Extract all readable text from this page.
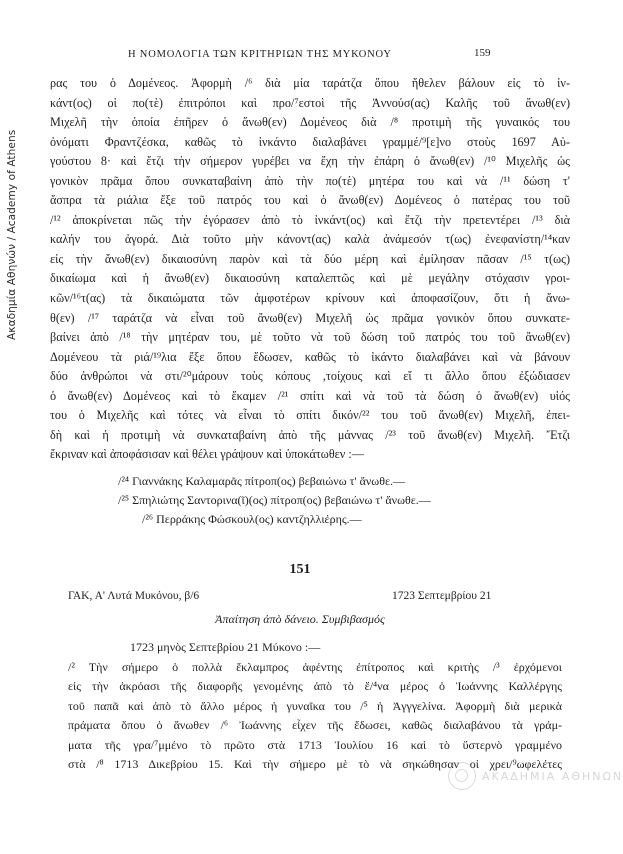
Ακαδημία Αθηνών / Academy of Athens
Η ΝΟΜΟΛΟΓΙΑ ΤΩΝ ΚΡΙΤΗΡΙΩΝ ΤΗΣ ΜΥΚΟΝΟΥ	159
ρας του ὁ Δομένεος. Ἀφορμὴ /⁶ διὰ μία ταράτζα ὅπου ἤθελεν βάλουν εἰς τὸ ἰν-
κάντ(ος) οἱ πο(τὲ) ἐπιτρόποι καὶ προ/⁷εστοὶ τῆς Ἀννούσ(ας) Καλῆς τοῦ ἄνωθ(εν)
Μιχελῆ τὴν ὁποία ἐπῆρεν ὁ ἄνωθ(εν) Δομένεος διὰ /⁸ προτιμὴ τῆς γυναικός του
ὀνόματι Φραντζέσκα, καθῶς τὸ ἰνκάντο διαλαβάνει γραμμέ/⁹[ε]νο στοὺς 1697 Αὐ-
γούστου 8· καὶ ἔτζι τὴν σήμερον γυρέβει να ἔχη τὴν ἐπάρη ὁ ἄνωθ(εν) /¹⁰ Μιχελῆς ὡς
γονικὸν πρᾶμα ὅπου συνκαταβαίνη ἀπὸ τὴν πο(τὲ) μητέρα του καὶ νὰ /¹¹ δώση τ'
ἄσπρα τὰ ριάλια ἔξε τοῦ πατρός του καὶ ὁ ἄνωθ(εν) Δομένεος ὁ πατέρας του τοῦ
/¹² ἀποκρίνεται πῶς τὴν ἐγόρασεν ἀπὸ τὸ ἰνκάντ(ος) καὶ ἔτζι τὴν πρετεντέρει /¹³ διὰ
καλήν του ἀγορά. Διὰ τοῦτο μὴν κάνοντ(ας) καλὰ ἀνάμεσόν τ(ως) ἐνεφανίστη/¹⁴καν
εἰς τὴν ἄνωθ(εν) δικαιοσύνη παρὸν καὶ τὰ δύο μέρη καὶ ἐμίλησαν πᾶσαν /¹⁵ τ(ως)
δικαίωμα καὶ ἡ ἄνωθ(εν) δικαιοσύνη καταλεπτῶς καὶ μὲ μεγάλην στόχασιν γροι-
κῶν/¹⁶τ(ας) τὰ δικαιώματα τῶν ἀμφοτέρων κρίνουν καὶ ἀποφασίζουν, ὅτι ἡ ἄνω-
θ(εν) /¹⁷ ταράτζα νὰ εἶναι τοῦ ἄνωθ(εν) Μιχελῆ ὡς πρᾶμα γονικὸν ὅπου συνκατε-
βαίνει ἀπὸ /¹⁸ τὴν μητέραν του, μὲ τοῦτο νὰ τοῦ δώση τοῦ πατρός του τοῦ ἄνωθ(εν)
Δομένεου τὰ ριά/¹⁹λια ἔξε ὅπου ἔδωσεν, καθῶς τὸ ἰκάντο διαλαβάνει καὶ νὰ βάνουν
δύο ἀνθρώποι νὰ στι/²⁰μάρουν τοὺς κόπους ,τοίχους καὶ εἴ τι ἄλλο ὅπου ἐξώδιασεν
ὁ ἄνωθ(εν) Δομένεος καὶ τὸ ἔκαμεν /²¹ σπίτι καὶ νὰ τοῦ τὰ δώση ὁ ἄνωθ(εν) υἱός
του ὁ Μιχελῆς καὶ τότες νὰ εἶναι τὸ σπίτι δικόν/²² του τοῦ ἄνωθ(εν) Μιχελῆ, ἐπει-
δὴ καὶ ἡ προτιμὴ νὰ συνκαταβαίνη ἀπὸ τῆς μάννας /²³ τοῦ ἄνωθ(εν) Μιχελῆ. Ἔτζι
ἔκριναν καὶ ἀποφάσισαν καὶ θέλει γράψουν καὶ ὑποκάτωθεν :—
/²⁴ Γιαννάκης Καλαμαρᾶς πίτροπ(ος) βεβαιώνω τ' ἄνωθε.—
/²⁵ Σπηλιώτης Σαντορινα(ῖ)(ος) πίτροπ(ος) βεβαιώνω τ' ἄνωθε.—
/²⁶ Περράκης Φώσκουλ(ος) καντζηλλιέρης.—
151
ΓΑΚ, Α' Λυτά Μυκόνου, β/6	1723 Σεπτεμβρίου 21
Ἀπαίτηση ἀπὸ δάνειο. Συμβιβασμός
1723 μηνὸς Σεπτεβρίου 21 Μύκονο :—
/² Τὴν σήμερο ὁ πολλὰ ἔκλαμπρος ἀφέντης ἐπίτροπος καὶ κριτὴς /³ ἐρχόμενοι
εἰς τὴν ἀκρόασι τῆς διαφορῆς γενομένης ἀπὸ τὸ ἕ/⁴να μέρος ὁ Ἰωάννης Καλλέργης
τοῦ παπᾶ καὶ ἀπὸ τὸ ἄλλο μέρος ἡ γυναῖκα του /⁵ ἡ Ἀγγγελίνα. Ἀφορμὴ διὰ μερικὰ
πράματα ὅπου ὁ ἄνωθεν /⁶ Ἰωάννης εἶχεν τῆς ἔδωσει, καθῶς διαλαβάνου τὰ γράμ-
ματα τῆς γρα/⁷μμένο τὸ πρῶτο στὰ 1713 Ἰουλίου 16 καὶ τὸ ὕστερνὸ γραμμένο
στὰ /⁸ 1713 Δικεβρίου 15. Καὶ τὴν σήμερο μὲ τὸ νὰ σηκώθησαν οἱ χρει/⁹ωφελέτες
ΑΚΑΔΗΜΙΑ ΑΘΗΝΩΝ
